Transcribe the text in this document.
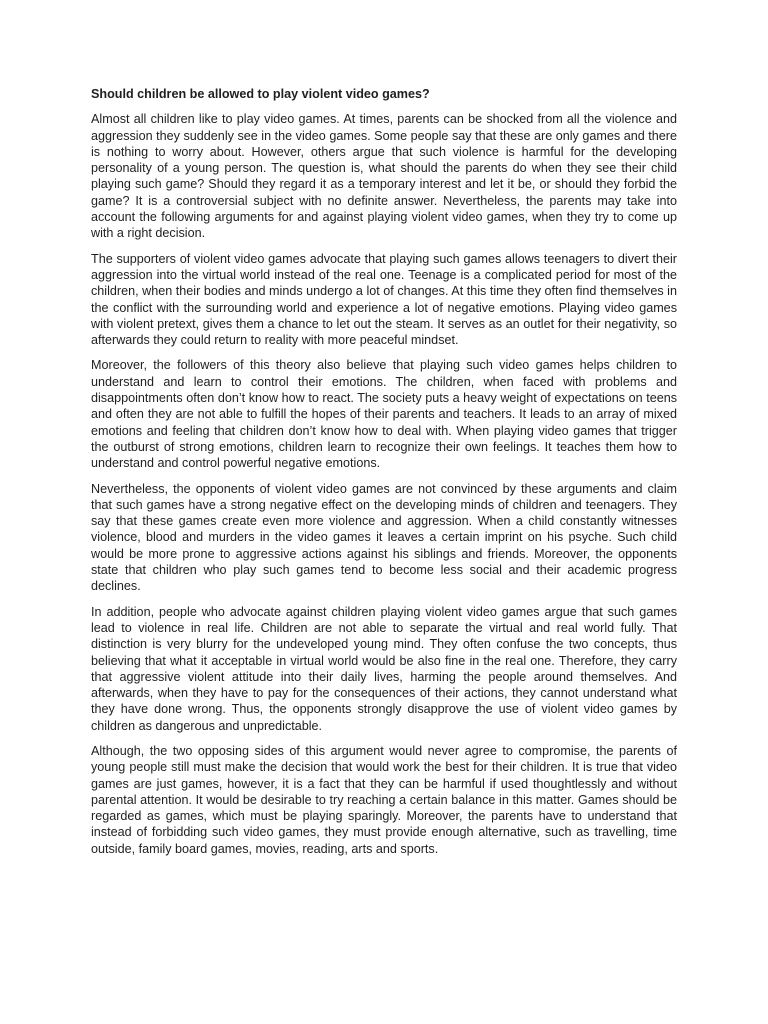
Should children be allowed to play violent video games?

Almost all children like to play video games. At times, parents can be shocked from all the violence and aggression they suddenly see in the video games. Some people say that these are only games and there is nothing to worry about. However, others argue that such violence is harmful for the developing personality of a young person. The question is, what should the parents do when they see their child playing such game? Should they regard it as a temporary interest and let it be, or should they forbid the game? It is a controversial subject with no definite answer. Nevertheless, the parents may take into account the following arguments for and against playing violent video games, when they try to come up with a right decision.

The supporters of violent video games advocate that playing such games allows teenagers to divert their aggression into the virtual world instead of the real one. Teenage is a complicated period for most of the children, when their bodies and minds undergo a lot of changes. At this time they often find themselves in the conflict with the surrounding world and experience a lot of negative emotions. Playing video games with violent pretext, gives them a chance to let out the steam. It serves as an outlet for their negativity, so afterwards they could return to reality with more peaceful mindset.

Moreover, the followers of this theory also believe that playing such video games helps children to understand and learn to control their emotions. The children, when faced with problems and disappointments often don’t know how to react. The society puts a heavy weight of expectations on teens and often they are not able to fulfill the hopes of their parents and teachers. It leads to an array of mixed emotions and feeling that children don’t know how to deal with. When playing video games that trigger the outburst of strong emotions, children learn to recognize their own feelings. It teaches them how to understand and control powerful negative emotions.

Nevertheless, the opponents of violent video games are not convinced by these arguments and claim that such games have a strong negative effect on the developing minds of children and teenagers. They say that these games create even more violence and aggression. When a child constantly witnesses violence, blood and murders in the video games it leaves a certain imprint on his psyche. Such child would be more prone to aggressive actions against his siblings and friends. Moreover, the opponents state that children who play such games tend to become less social and their academic progress declines.

In addition, people who advocate against children playing violent video games argue that such games lead to violence in real life. Children are not able to separate the virtual and real world fully. That distinction is very blurry for the undeveloped young mind. They often confuse the two concepts, thus believing that what it acceptable in virtual world would be also fine in the real one. Therefore, they carry that aggressive violent attitude into their daily lives, harming the people around themselves. And afterwards, when they have to pay for the consequences of their actions, they cannot understand what they have done wrong. Thus, the opponents strongly disapprove the use of violent video games by children as dangerous and unpredictable.

Although, the two opposing sides of this argument would never agree to compromise, the parents of young people still must make the decision that would work the best for their children. It is true that video games are just games, however, it is a fact that they can be harmful if used thoughtlessly and without parental attention. It would be desirable to try reaching a certain balance in this matter. Games should be regarded as games, which must be playing sparingly. Moreover, the parents have to understand that instead of forbidding such video games, they must provide enough alternative, such as travelling, time outside, family board games, movies, reading, arts and sports.
